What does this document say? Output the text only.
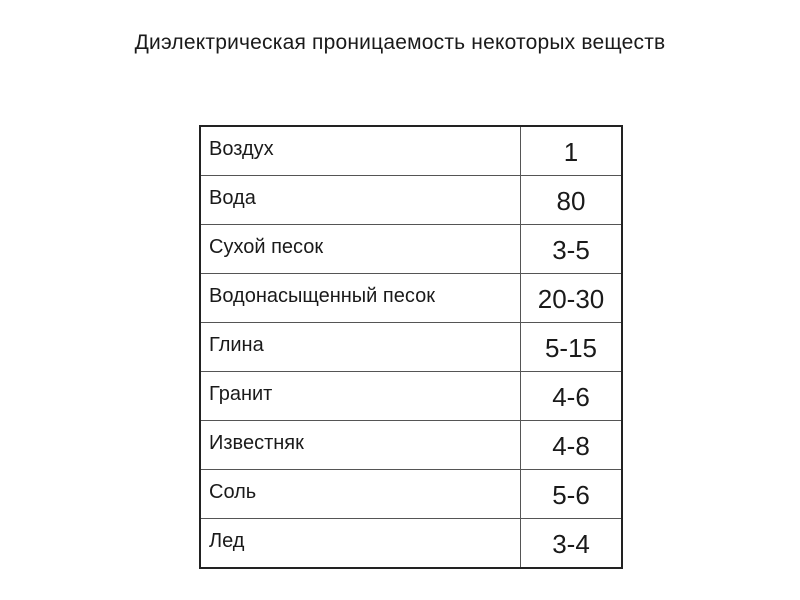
Диэлектрическая проницаемость некоторых веществ
Воздух	1
Вода	80
Сухой песок	3-5
Водонасыщенный песок	20-30
Глина	5-15
Гранит	4-6
Известняк	4-8
Соль	5-6
Лед	3-4
